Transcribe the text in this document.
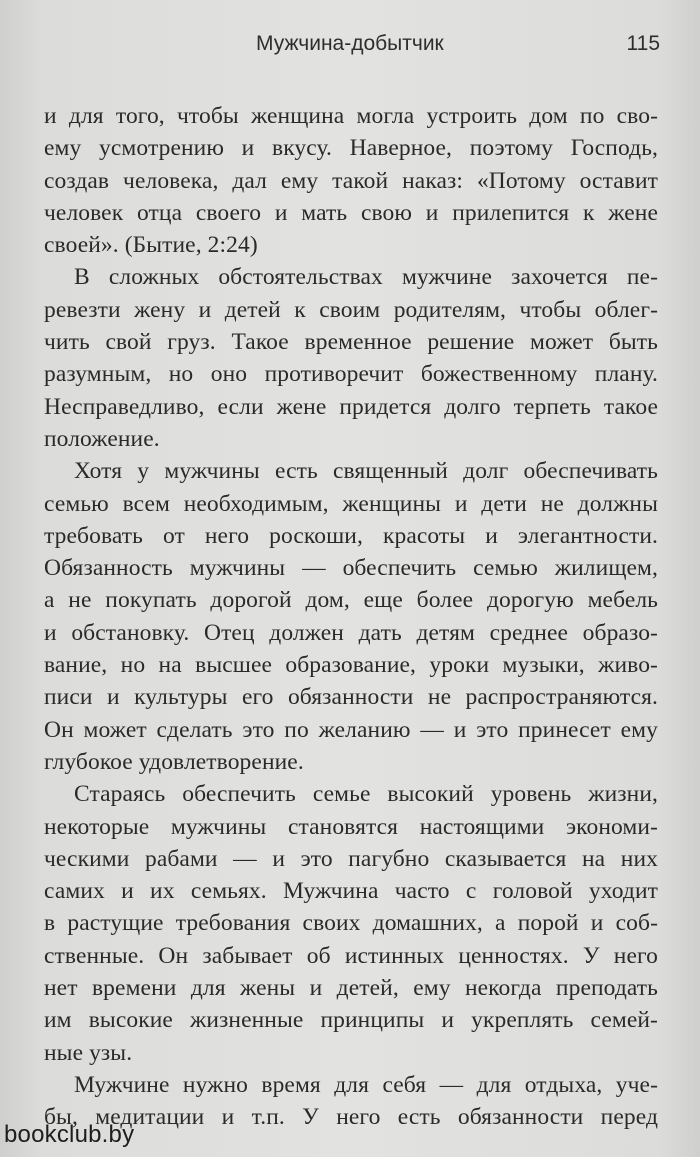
Мужчина-добытчик	115
и для того, чтобы женщина могла устроить дом по сво-
ему усмотрению и вкусу. Наверное, поэтому Господь,
создав человека, дал ему такой наказ: «Потому оставит
человек отца своего и мать свою и прилепится к жене
своей». (Бытие, 2:24)
В сложных обстоятельствах мужчине захочется пе-
ревезти жену и детей к своим родителям, чтобы облег-
чить свой груз. Такое временное решение может быть
разумным, но оно противоречит божественному плану.
Несправедливо, если жене придется долго терпеть такое
положение.
Хотя у мужчины есть священный долг обеспечивать
семью всем необходимым, женщины и дети не должны
требовать от него роскоши, красоты и элегантности.
Обязанность мужчины — обеспечить семью жилищем,
а не покупать дорогой дом, еще более дорогую мебель
и обстановку. Отец должен дать детям среднее образо-
вание, но на высшее образование, уроки музыки, живо-
писи и культуры его обязанности не распространяются.
Он может сделать это по желанию — и это принесет ему
глубокое удовлетворение.
Стараясь обеспечить семье высокий уровень жизни,
некоторые мужчины становятся настоящими экономи-
ческими рабами — и это пагубно сказывается на них
самих и их семьях. Мужчина часто с головой уходит
в растущие требования своих домашних, а порой и соб-
ственные. Он забывает об истинных ценностях. У него
нет времени для жены и детей, ему некогда преподать
им высокие жизненные принципы и укреплять семей-
ные узы.
Мужчине нужно время для себя — для отдыха, уче-
бы, медитации и т.п. У него есть обязанности перед
bookclub.by
